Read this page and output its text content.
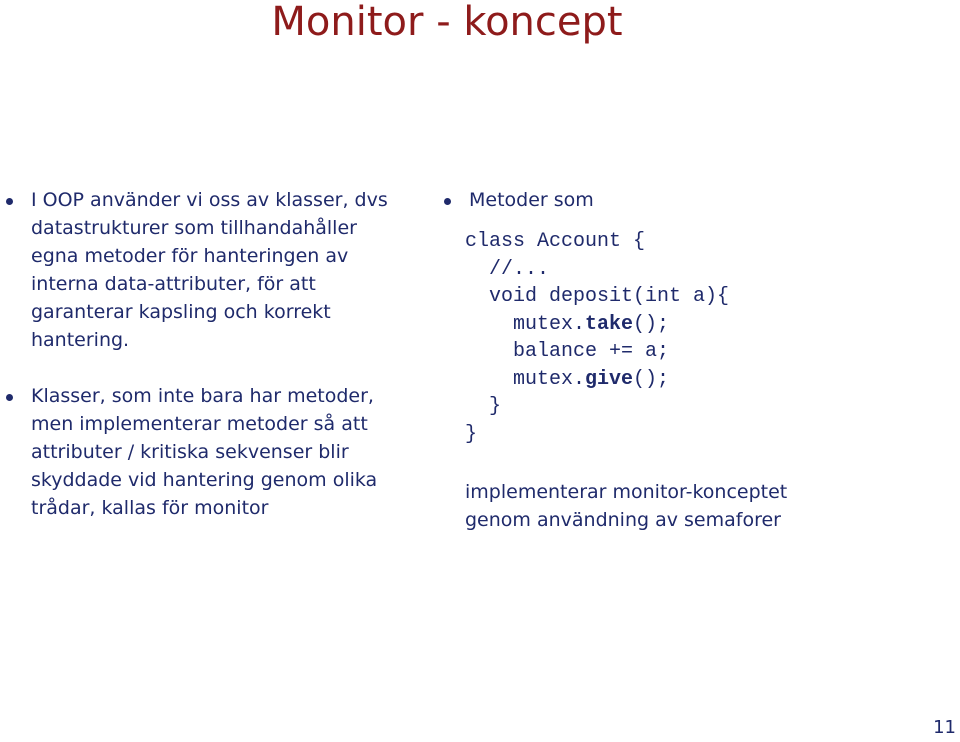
Monitor - koncept
I OOP använder vi oss av klasser, dvs datastrukturer som tillhandahåller egna metoder för hanteringen av interna data-attributer, för att garanterar kapsling och korrekt hantering.
Klasser, som inte bara har metoder, men implementerar metoder så att attributer / kritiska sekvenser blir skyddade vid hantering genom olika trådar, kallas för monitor
Metoder som
class Account {
//...
void deposit(int a){
mutex.take();
balance += a;
mutex.give();
}
}
implementerar monitor-konceptet
genom användning av semaforer
11
